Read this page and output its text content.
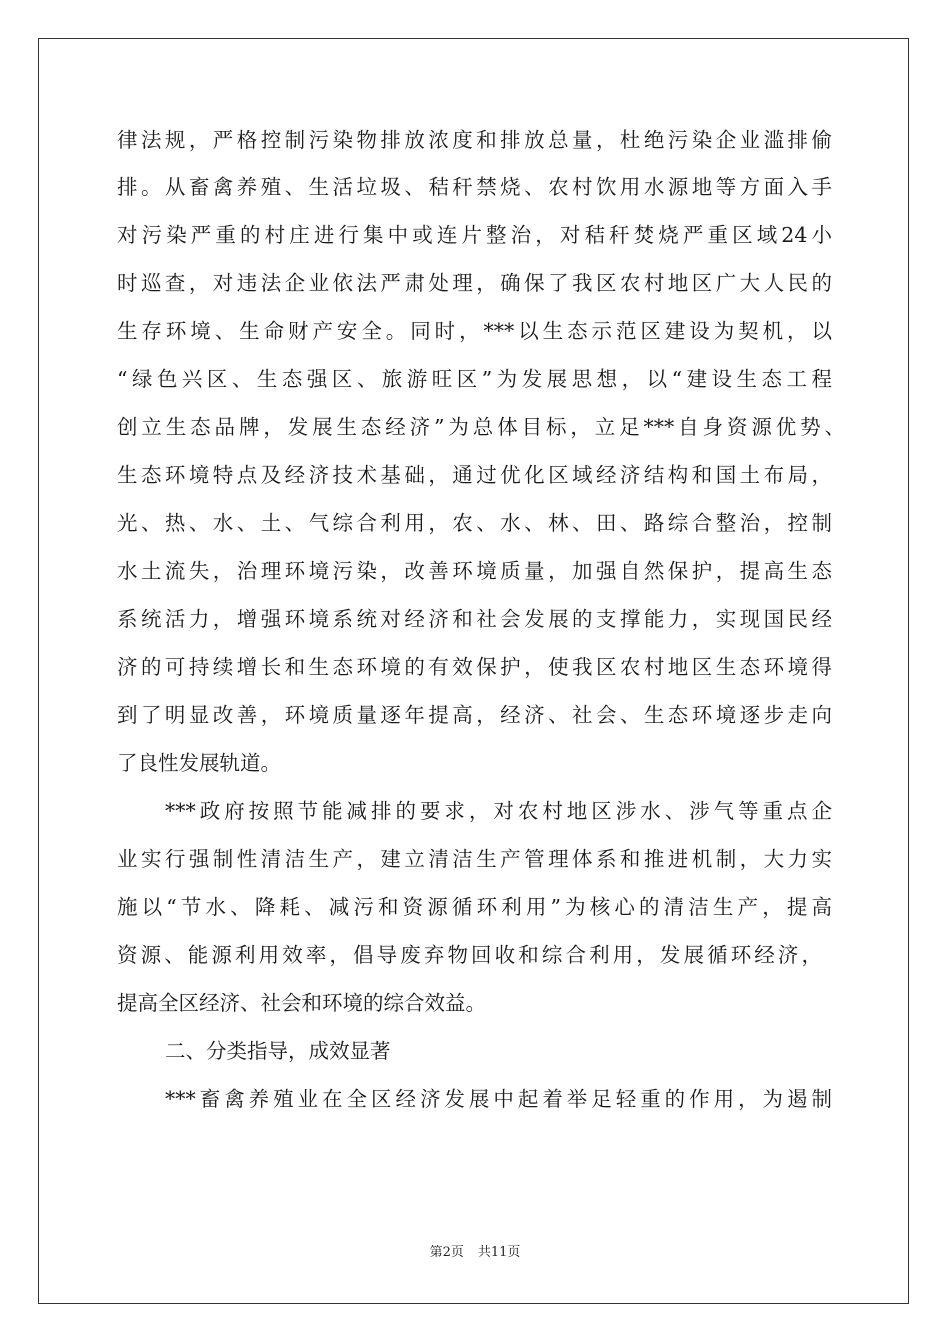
律法规，严格控制污染物排放浓度和排放总量，杜绝污染企业滥排偷
排。从畜禽养殖、生活垃圾、秸秆禁烧、农村饮用水源地等方面入手
对污染严重的村庄进行集中或连片整治，对秸秆焚烧严重区域24小
时巡查，对违法企业依法严肃处理，确保了我区农村地区广大人民的
生存环境、生命财产安全。同时，***以生态示范区建设为契机，以
“绿色兴区、生态强区、旅游旺区”为发展思想，以“建设生态工程
创立生态品牌，发展生态经济”为总体目标，立足***自身资源优势、
生态环境特点及经济技术基础，通过优化区域经济结构和国土布局，
光、热、水、土、气综合利用，农、水、林、田、路综合整治，控制
水土流失，治理环境污染，改善环境质量，加强自然保护，提高生态
系统活力，增强环境系统对经济和社会发展的支撑能力，实现国民经
济的可持续增长和生态环境的有效保护，使我区农村地区生态环境得
到了明显改善，环境质量逐年提高，经济、社会、生态环境逐步走向
了良性发展轨道。
***政府按照节能减排的要求，对农村地区涉水、涉气等重点企
业实行强制性清洁生产，建立清洁生产管理体系和推进机制，大力实
施以“节水、降耗、减污和资源循环利用”为核心的清洁生产，提高
资源、能源利用效率，倡导废弃物回收和综合利用，发展循环经济，
提高全区经济、社会和环境的综合效益。
二、分类指导，成效显著
***畜禽养殖业在全区经济发展中起着举足轻重的作用，为遏制
第2页 共11页
